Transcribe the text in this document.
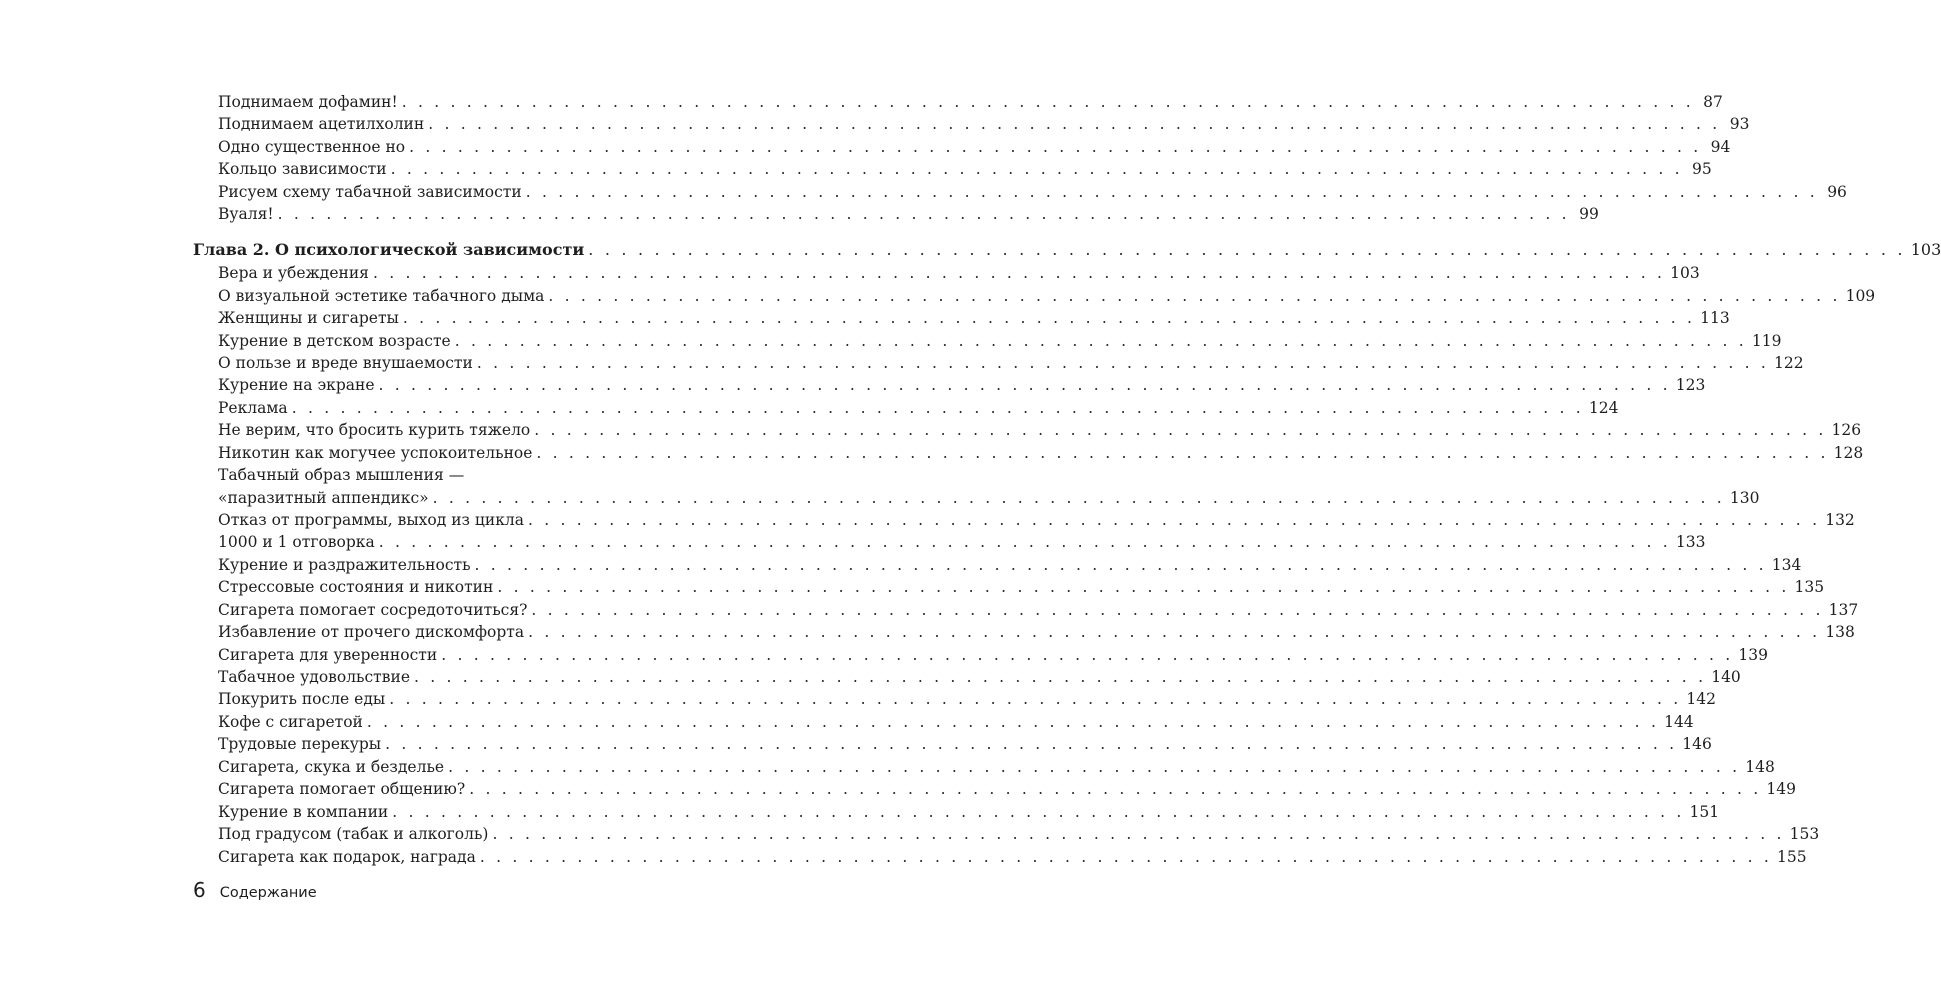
Поднимаем дофамин! . . . . . . . . . . . . . . . . . . . . . . . . . . . . . . . . . . . . . . . . . . . . . . . . . . . . . . . . . . . . . . . . . . . . . . . . . . . . . . . . 87
Поднимаем ацетилхолин . . . . . . . . . . . . . . . . . . . . . . . . . . . . . . . . . . . . . . . . . . . . . . . . . . . . . . . . . . . . . . . . . . . . . . . . . . . . . . . . 93
Одно существенное но . . . . . . . . . . . . . . . . . . . . . . . . . . . . . . . . . . . . . . . . . . . . . . . . . . . . . . . . . . . . . . . . . . . . . . . . . . . . . . . . 94
Кольцо зависимости . . . . . . . . . . . . . . . . . . . . . . . . . . . . . . . . . . . . . . . . . . . . . . . . . . . . . . . . . . . . . . . . . . . . . . . . . . . . . . . . 95
Рисуем схему табачной зависимости . . . . . . . . . . . . . . . . . . . . . . . . . . . . . . . . . . . . . . . . . . . . . . . . . . . . . . . . . . . . . . . . . . . . . . . . . . . . . . . . 96
Вуаля! . . . . . . . . . . . . . . . . . . . . . . . . . . . . . . . . . . . . . . . . . . . . . . . . . . . . . . . . . . . . . . . . . . . . . . . . . . . . . . . . 99
Глава 2. О психологической зависимости . . . . . . . . . . . . . . . . . . . . . . . . . . . . . . . . . . . . . . . . . . . . . . . . . . . . . . . . . . . . . . . . . . . . . . . . . . . . . . . . 103
Вера и убеждения . . . . . . . . . . . . . . . . . . . . . . . . . . . . . . . . . . . . . . . . . . . . . . . . . . . . . . . . . . . . . . . . . . . . . . . . . . . . . . . . 103
О визуальной эстетике табачного дыма . . . . . . . . . . . . . . . . . . . . . . . . . . . . . . . . . . . . . . . . . . . . . . . . . . . . . . . . . . . . . . . . . . . . . . . . . . . . . . . . 109
Женщины и сигареты . . . . . . . . . . . . . . . . . . . . . . . . . . . . . . . . . . . . . . . . . . . . . . . . . . . . . . . . . . . . . . . . . . . . . . . . . . . . . . . . 113
Курение в детском возрасте . . . . . . . . . . . . . . . . . . . . . . . . . . . . . . . . . . . . . . . . . . . . . . . . . . . . . . . . . . . . . . . . . . . . . . . . . . . . . . . . 119
О пользе и вреде внушаемости . . . . . . . . . . . . . . . . . . . . . . . . . . . . . . . . . . . . . . . . . . . . . . . . . . . . . . . . . . . . . . . . . . . . . . . . . . . . . . . . 122
Курение на экране . . . . . . . . . . . . . . . . . . . . . . . . . . . . . . . . . . . . . . . . . . . . . . . . . . . . . . . . . . . . . . . . . . . . . . . . . . . . . . . . 123
Реклама . . . . . . . . . . . . . . . . . . . . . . . . . . . . . . . . . . . . . . . . . . . . . . . . . . . . . . . . . . . . . . . . . . . . . . . . . . . . . . . . 124
Не верим, что бросить курить тяжело . . . . . . . . . . . . . . . . . . . . . . . . . . . . . . . . . . . . . . . . . . . . . . . . . . . . . . . . . . . . . . . . . . . . . . . . . . . . . . . . 126
Никотин как могучее успокоительное . . . . . . . . . . . . . . . . . . . . . . . . . . . . . . . . . . . . . . . . . . . . . . . . . . . . . . . . . . . . . . . . . . . . . . . . . . . . . . . . 128
Табачный образ мышления —
«паразитный аппендикс» . . . . . . . . . . . . . . . . . . . . . . . . . . . . . . . . . . . . . . . . . . . . . . . . . . . . . . . . . . . . . . . . . . . . . . . . . . . . . . . . 130
Отказ от программы, выход из цикла . . . . . . . . . . . . . . . . . . . . . . . . . . . . . . . . . . . . . . . . . . . . . . . . . . . . . . . . . . . . . . . . . . . . . . . . . . . . . . . . 132
1000 и 1 отговорка . . . . . . . . . . . . . . . . . . . . . . . . . . . . . . . . . . . . . . . . . . . . . . . . . . . . . . . . . . . . . . . . . . . . . . . . . . . . . . . . 133
Курение и раздражительность . . . . . . . . . . . . . . . . . . . . . . . . . . . . . . . . . . . . . . . . . . . . . . . . . . . . . . . . . . . . . . . . . . . . . . . . . . . . . . . . 134
Стрессовые состояния и никотин . . . . . . . . . . . . . . . . . . . . . . . . . . . . . . . . . . . . . . . . . . . . . . . . . . . . . . . . . . . . . . . . . . . . . . . . . . . . . . . . 135
Сигарета помогает сосредоточиться? . . . . . . . . . . . . . . . . . . . . . . . . . . . . . . . . . . . . . . . . . . . . . . . . . . . . . . . . . . . . . . . . . . . . . . . . . . . . . . . . 137
Избавление от прочего дискомфорта . . . . . . . . . . . . . . . . . . . . . . . . . . . . . . . . . . . . . . . . . . . . . . . . . . . . . . . . . . . . . . . . . . . . . . . . . . . . . . . . 138
Сигарета для уверенности . . . . . . . . . . . . . . . . . . . . . . . . . . . . . . . . . . . . . . . . . . . . . . . . . . . . . . . . . . . . . . . . . . . . . . . . . . . . . . . . 139
Табачное удовольствие . . . . . . . . . . . . . . . . . . . . . . . . . . . . . . . . . . . . . . . . . . . . . . . . . . . . . . . . . . . . . . . . . . . . . . . . . . . . . . . . 140
Покурить после еды . . . . . . . . . . . . . . . . . . . . . . . . . . . . . . . . . . . . . . . . . . . . . . . . . . . . . . . . . . . . . . . . . . . . . . . . . . . . . . . . 142
Кофе с сигаретой . . . . . . . . . . . . . . . . . . . . . . . . . . . . . . . . . . . . . . . . . . . . . . . . . . . . . . . . . . . . . . . . . . . . . . . . . . . . . . . . 144
Трудовые перекуры . . . . . . . . . . . . . . . . . . . . . . . . . . . . . . . . . . . . . . . . . . . . . . . . . . . . . . . . . . . . . . . . . . . . . . . . . . . . . . . . 146
Сигарета, скука и безделье . . . . . . . . . . . . . . . . . . . . . . . . . . . . . . . . . . . . . . . . . . . . . . . . . . . . . . . . . . . . . . . . . . . . . . . . . . . . . . . . 148
Сигарета помогает общению? . . . . . . . . . . . . . . . . . . . . . . . . . . . . . . . . . . . . . . . . . . . . . . . . . . . . . . . . . . . . . . . . . . . . . . . . . . . . . . . . 149
Курение в компании . . . . . . . . . . . . . . . . . . . . . . . . . . . . . . . . . . . . . . . . . . . . . . . . . . . . . . . . . . . . . . . . . . . . . . . . . . . . . . . . 151
Под градусом (табак и алкоголь) . . . . . . . . . . . . . . . . . . . . . . . . . . . . . . . . . . . . . . . . . . . . . . . . . . . . . . . . . . . . . . . . . . . . . . . . . . . . . . . . 153
Сигарета как подарок, награда . . . . . . . . . . . . . . . . . . . . . . . . . . . . . . . . . . . . . . . . . . . . . . . . . . . . . . . . . . . . . . . . . . . . . . . . . . . . . . . . 155
6 Содержание
